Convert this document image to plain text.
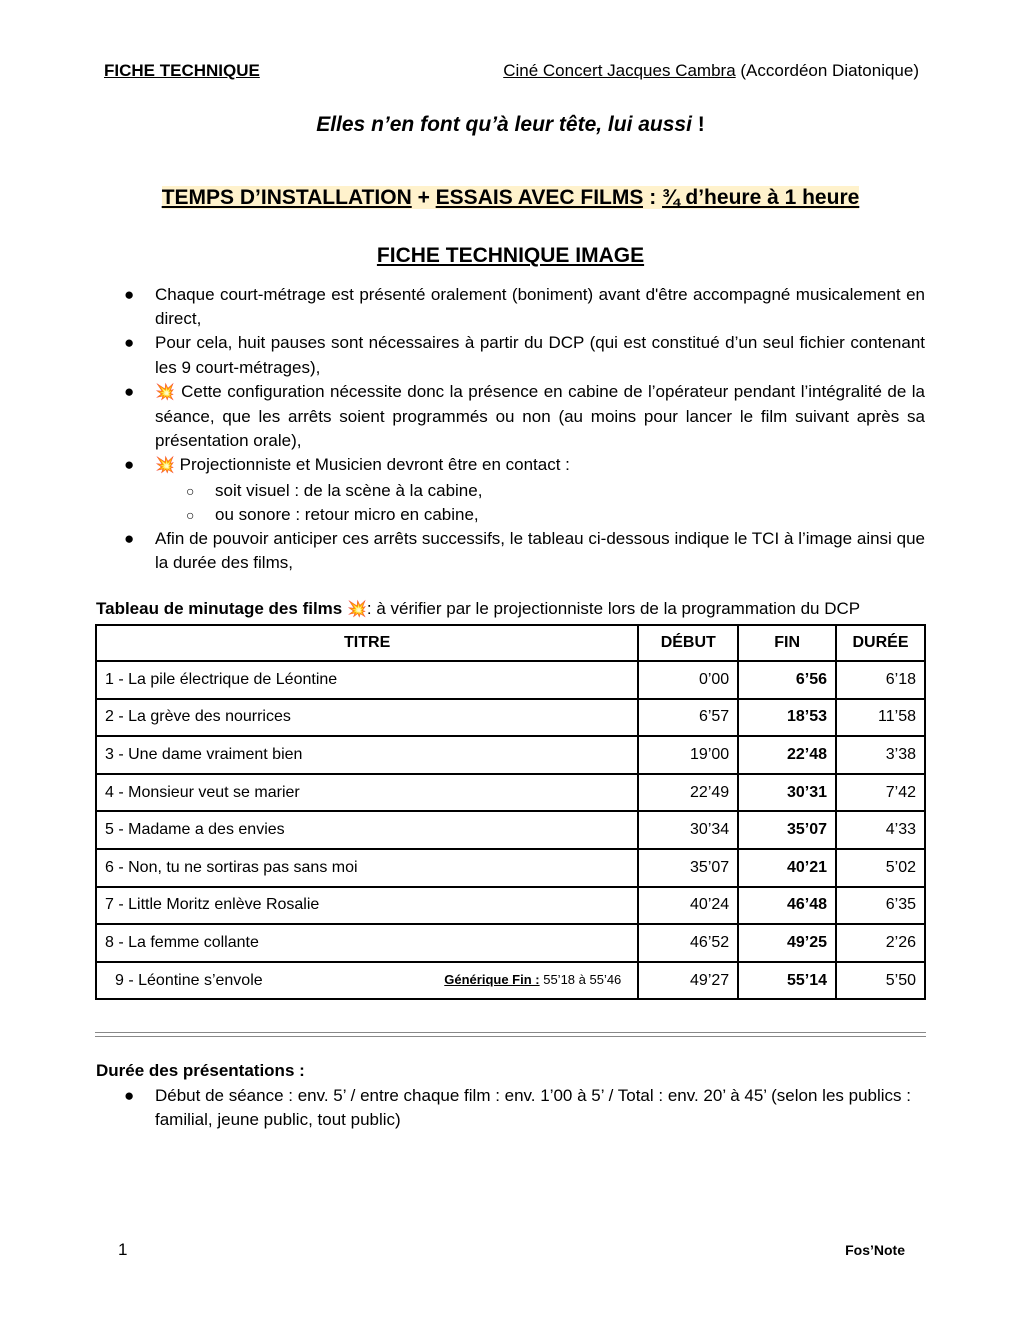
FICHE TECHNIQUE	Ciné Concert Jacques Cambra (Accordéon Diatonique)
Elles n’en font qu’à leur tête, lui aussi !
TEMPS D’INSTALLATION + ESSAIS AVEC FILMS : ¾ d’heure à 1 heure
FICHE TECHNIQUE IMAGE
● Chaque court-métrage est présenté oralement (boniment) avant d'être accompagné musicalement en direct,
● Pour cela, huit pauses sont nécessaires à partir du DCP (qui est constitué d’un seul fichier contenant les 9 court-métrages),
● 💥 Cette configuration nécessite donc la présence en cabine de l’opérateur pendant l’intégralité de la séance, que les arrêts soient programmés ou non (au moins pour lancer le film suivant après sa présentation orale),
● 💥 Projectionniste et Musicien devront être en contact :
○ soit visuel : de la scène à la cabine,
○ ou sonore : retour micro en cabine,
● Afin de pouvoir anticiper ces arrêts successifs, le tableau ci-dessous indique le TCI à l’image ainsi que la durée des films,
Tableau de minutage des films 💥: à vérifier par le projectionniste lors de la programmation du DCP
TITRE	DÉBUT	FIN	DURÉE
1 - La pile électrique de Léontine	0’00	6’56	6’18
2 - La grève des nourrices	6’57	18’53	11’58
3 - Une dame vraiment bien	19’00	22’48	3’38
4 - Monsieur veut se marier	22’49	30’31	7’42
5 - Madame a des envies	30’34	35’07	4’33
6 - Non, tu ne sortiras pas sans moi	35’07	40’21	5’02
7 - Little Moritz enlève Rosalie	40’24	46’48	6’35
8 - La femme collante	46’52	49’25	2’26
9 - Léontine s’envole Générique Fin : 55’18 à 55’46	49’27	55’14	5’50
Durée des présentations :
● Début de séance : env. 5’ / entre chaque film : env. 1’00 à 5’ / Total : env. 20’ à 45’ (selon les publics : familial, jeune public, tout public)
1	Fos’Note
